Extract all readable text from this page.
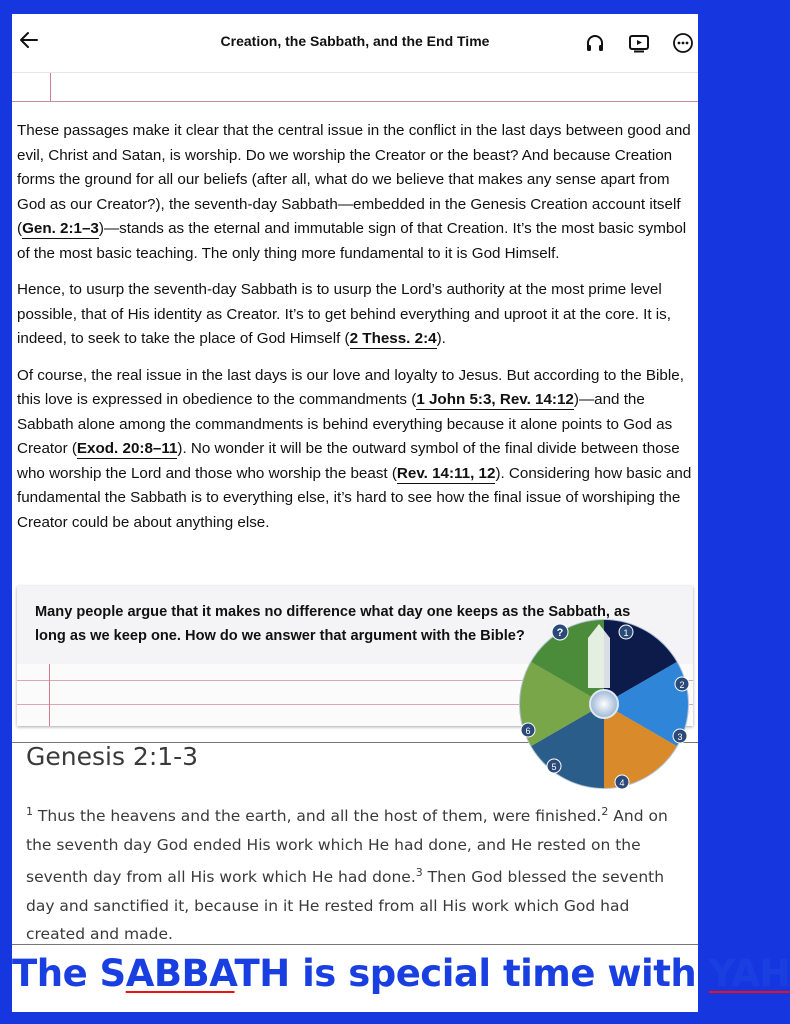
Creation, the Sabbath, and the End Time

These passages make it clear that the central issue in the conflict in the last days between good and evil, Christ and Satan, is worship. Do we worship the Creator or the beast? And because Creation forms the ground for all our beliefs (after all, what do we believe that makes any sense apart from God as our Creator?), the seventh-day Sabbath—embedded in the Genesis Creation account itself (Gen. 2:1–3)—stands as the eternal and immutable sign of that Creation. It’s the most basic symbol of the most basic teaching. The only thing more fundamental to it is God Himself.

Hence, to usurp the seventh-day Sabbath is to usurp the Lord’s authority at the most prime level possible, that of His identity as Creator. It’s to get behind everything and uproot it at the core. It is, indeed, to seek to take the place of God Himself (2 Thess. 2:4).

Of course, the real issue in the last days is our love and loyalty to Jesus. But according to the Bible, this love is expressed in obedience to the commandments (1 John 5:3, Rev. 14:12)—and the Sabbath alone among the commandments is behind everything because it alone points to God as Creator (Exod. 20:8–11). No wonder it will be the outward symbol of the final divide between those who worship the Lord and those who worship the beast (Rev. 14:11, 12). Considering how basic and fundamental the Sabbath is to everything else, it’s hard to see how the final issue of worshiping the Creator could be about anything else.

Many people argue that it makes no difference what day one keeps as the Sabbath, as long as we keep one. How do we answer that argument with the Bible?
Genesis 2:1-3
$^1$ Thus the heavens and the earth, and all the host of them, were finished.$^2$ And on the seventh day God ended His work which He had done, and He rested on the seventh day from all His work which He had done.$^3$ Then God blessed the seventh day and sanctified it, because in it He rested from all His work which God had created and made.
The SABBATH is special time with YAH
1
2
3
4
5
6
?
